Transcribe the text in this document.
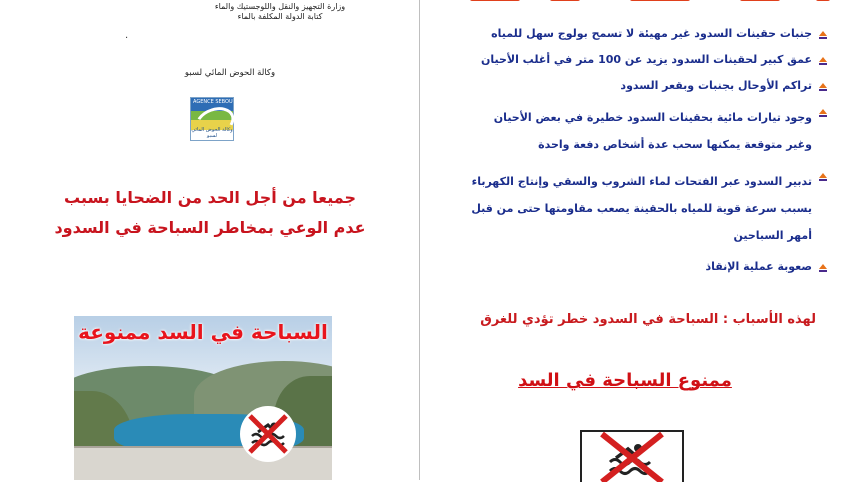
وزارة التجهيز والنقل واللوجستيك والماء
كتابة الدولة المكلفة بالماء
.
وكالة الحوض المائي لسبو
AGENCE SEBOU
وكالة الحوض المائي لسبو
جميعا من أجل الحد من الضحايا بسبب
عدم الوعي بمخاطر السباحة في السدود
السباحة في السد ممنوعة
جنبات حقينات السدود غير مهيئة لا تسمح بولوج سهل للمياه
عمق كبير لحقينات السدود يزيد عن 100 متر في أغلب الأحيان
تراكم الأوحال بجنبات وبقعر السدود
وجود تيارات مائية بحقينات السدود خطيرة في بعض الأحيان
وغير متوقعة يمكنها سحب عدة أشخاص دفعة واحدة
تدبير السدود عبر الفتحات لماء الشروب والسقي وإنتاج الكهرباء
يسبب سرعة قوية للمياه بالحقينة يصعب مقاومتها حتى من قبل
أمهر السباحين
صعوبة عملية الإنقاذ
لهذه الأسباب : السباحة في السدود خطر تؤدي للغرق
ممنوع السباحة في السد
